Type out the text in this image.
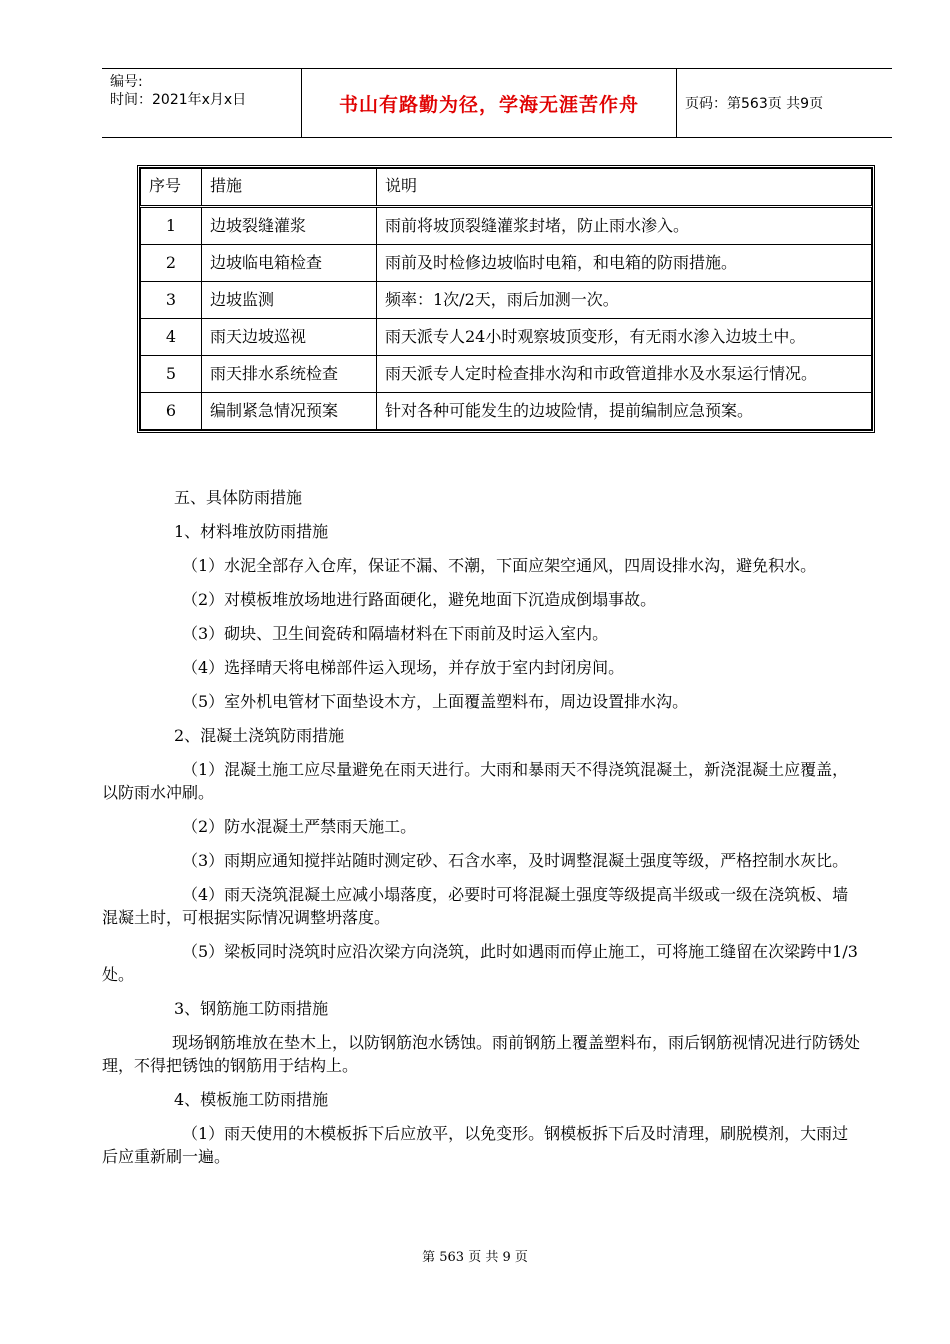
编号:
时间：2021年x月x日	书山有路勤为径，学海无涯苦作舟	页码：第563页 共9页
序号	措施	说明
1	边坡裂缝灌浆	雨前将坡顶裂缝灌浆封堵，防止雨水渗入。
2	边坡临电箱检查	雨前及时检修边坡临时电箱，和电箱的防雨措施。
3	边坡监测	频率：1次/2天，雨后加测一次。
4	雨天边坡巡视	雨天派专人24小时观察坡顶变形，有无雨水渗入边坡土中。
5	雨天排水系统检查	雨天派专人定时检查排水沟和市政管道排水及水泵运行情况。
6	编制紧急情况预案	针对各种可能发生的边坡险情，提前编制应急预案。

五、具体防雨措施

1、材料堆放防雨措施

（1）水泥全部存入仓库，保证不漏、不潮，下面应架空通风，四周设排水沟，避免积水。

（2）对模板堆放场地进行路面硬化，避免地面下沉造成倒塌事故。

（3）砌块、卫生间瓷砖和隔墙材料在下雨前及时运入室内。

（4）选择晴天将电梯部件运入现场，并存放于室内封闭房间。

（5）室外机电管材下面垫设木方，上面覆盖塑料布，周边设置排水沟。

2、混凝土浇筑防雨措施

（1）混凝土施工应尽量避免在雨天进行。大雨和暴雨天不得浇筑混凝土，新浇混凝土应覆盖，以防雨水冲刷。

（2）防水混凝土严禁雨天施工。

（3）雨期应通知搅拌站随时测定砂、石含水率，及时调整混凝土强度等级，严格控制水灰比。

（4）雨天浇筑混凝土应减小塌落度，必要时可将混凝土强度等级提高半级或一级在浇筑板、墙混凝土时，可根据实际情况调整坍落度。

（5）梁板同时浇筑时应沿次梁方向浇筑，此时如遇雨而停止施工，可将施工缝留在次梁跨中1/3处。

3、钢筋施工防雨措施

现场钢筋堆放在垫木上，以防钢筋泡水锈蚀。雨前钢筋上覆盖塑料布，雨后钢筋视情况进行防锈处理，不得把锈蚀的钢筋用于结构上。

4、模板施工防雨措施

（1）雨天使用的木模板拆下后应放平，以免变形。钢模板拆下后及时清理，刷脱模剂，大雨过后应重新刷一遍。

第 563 页 共 9 页
